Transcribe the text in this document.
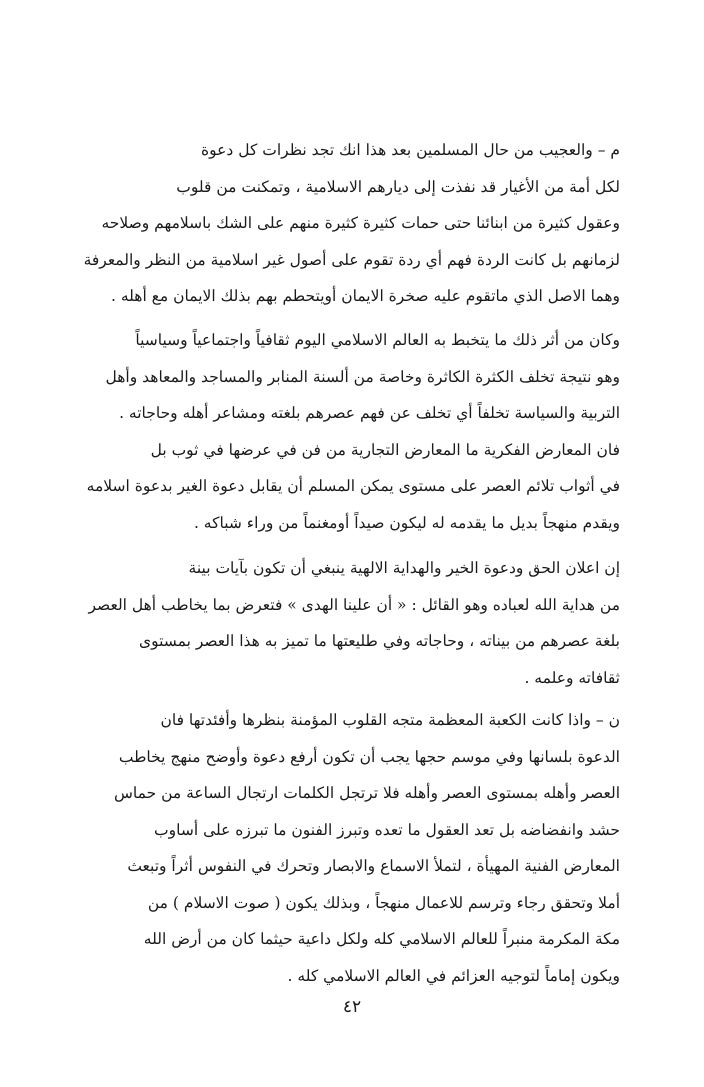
م – والعجيب من حال المسلمين بعد هذا انك تجد نظرات كل دعوة
لكل أمة من الأغيار قد نفذت إلى ديارهم الاسلامية ، وتمكنت من قلوب
وعقول كثيرة من ابنائنا حتى حمات كثيرة كثيرة منهم على الشك باسلامهم وصلاحه
لزمانهم بل كانت الردة فهم أي ردة تقوم على أصول غير اسلامية من النظر والمعرفة
وهما الاصل الذي ماتقوم عليه صخرة الايمان أويتحطم بهم بذلك الايمان مع أهله .
وكان من أثر ذلك ما يتخبط به العالم الاسلامي اليوم ثقافياً واجتماعياً وسياسياً
وهو نتيجة تخلف الكثرة الكاثرة وخاصة من ألسنة المنابر والمساجد والمعاهد وأهل
التربية والسياسة تخلفاً أي تخلف عن فهم عصرهم بلغته ومشاعر أهله وحاجاته .
فان المعارض الفكرية ما المعارض التجارية من فن في عرضها في ثوب بل
في أثواب تلائم العصر على مستوى يمكن المسلم أن يقابل دعوة الغير بدعوة اسلامه
ويقدم منهجاً بديل ما يقدمه له ليكون صيداً أومغنماً من وراء شباكه .
إن اعلان الحق ودعوة الخير والهداية الالهية ينبغي أن تكون بآيات بينة
من هداية الله لعباده وهو القائل : « أن علينا الهدى » فتعرض بما يخاطب أهل العصر
بلغة عصرهم من بيناته ، وحاجاته وفي طليعتها ما تميز به هذا العصر بمستوى
ثقافاته وعلمه .
ن – واذا كانت الكعبة المعظمة متجه القلوب المؤمنة بنظرها وأفئدتها فان
الدعوة بلسانها وفي موسم حجها يجب أن تكون أرفع دعوة وأوضح منهج يخاطب
العصر وأهله بمستوى العصر وأهله فلا ترتجل الكلمات ارتجال الساعة من حماس
حشد وانفضاضه بل تعد العقول ما تعده وتبرز الفنون ما تبرزه على أساوب
المعارض الفنية المهيأة ، لتملأ الاسماع والابصار وتحرك في النفوس أثراً وتبعث
أملا وتحقق رجاء وترسم للاعمال منهجاً ، وبذلك يكون ( صوت الاسلام ) من
مكة المكرمة منبراً للعالم الاسلامي كله ولكل داعية حيثما كان من أرض الله
ويكون إماماً لتوجيه العزائم في العالم الاسلامي كله .
٤٢
